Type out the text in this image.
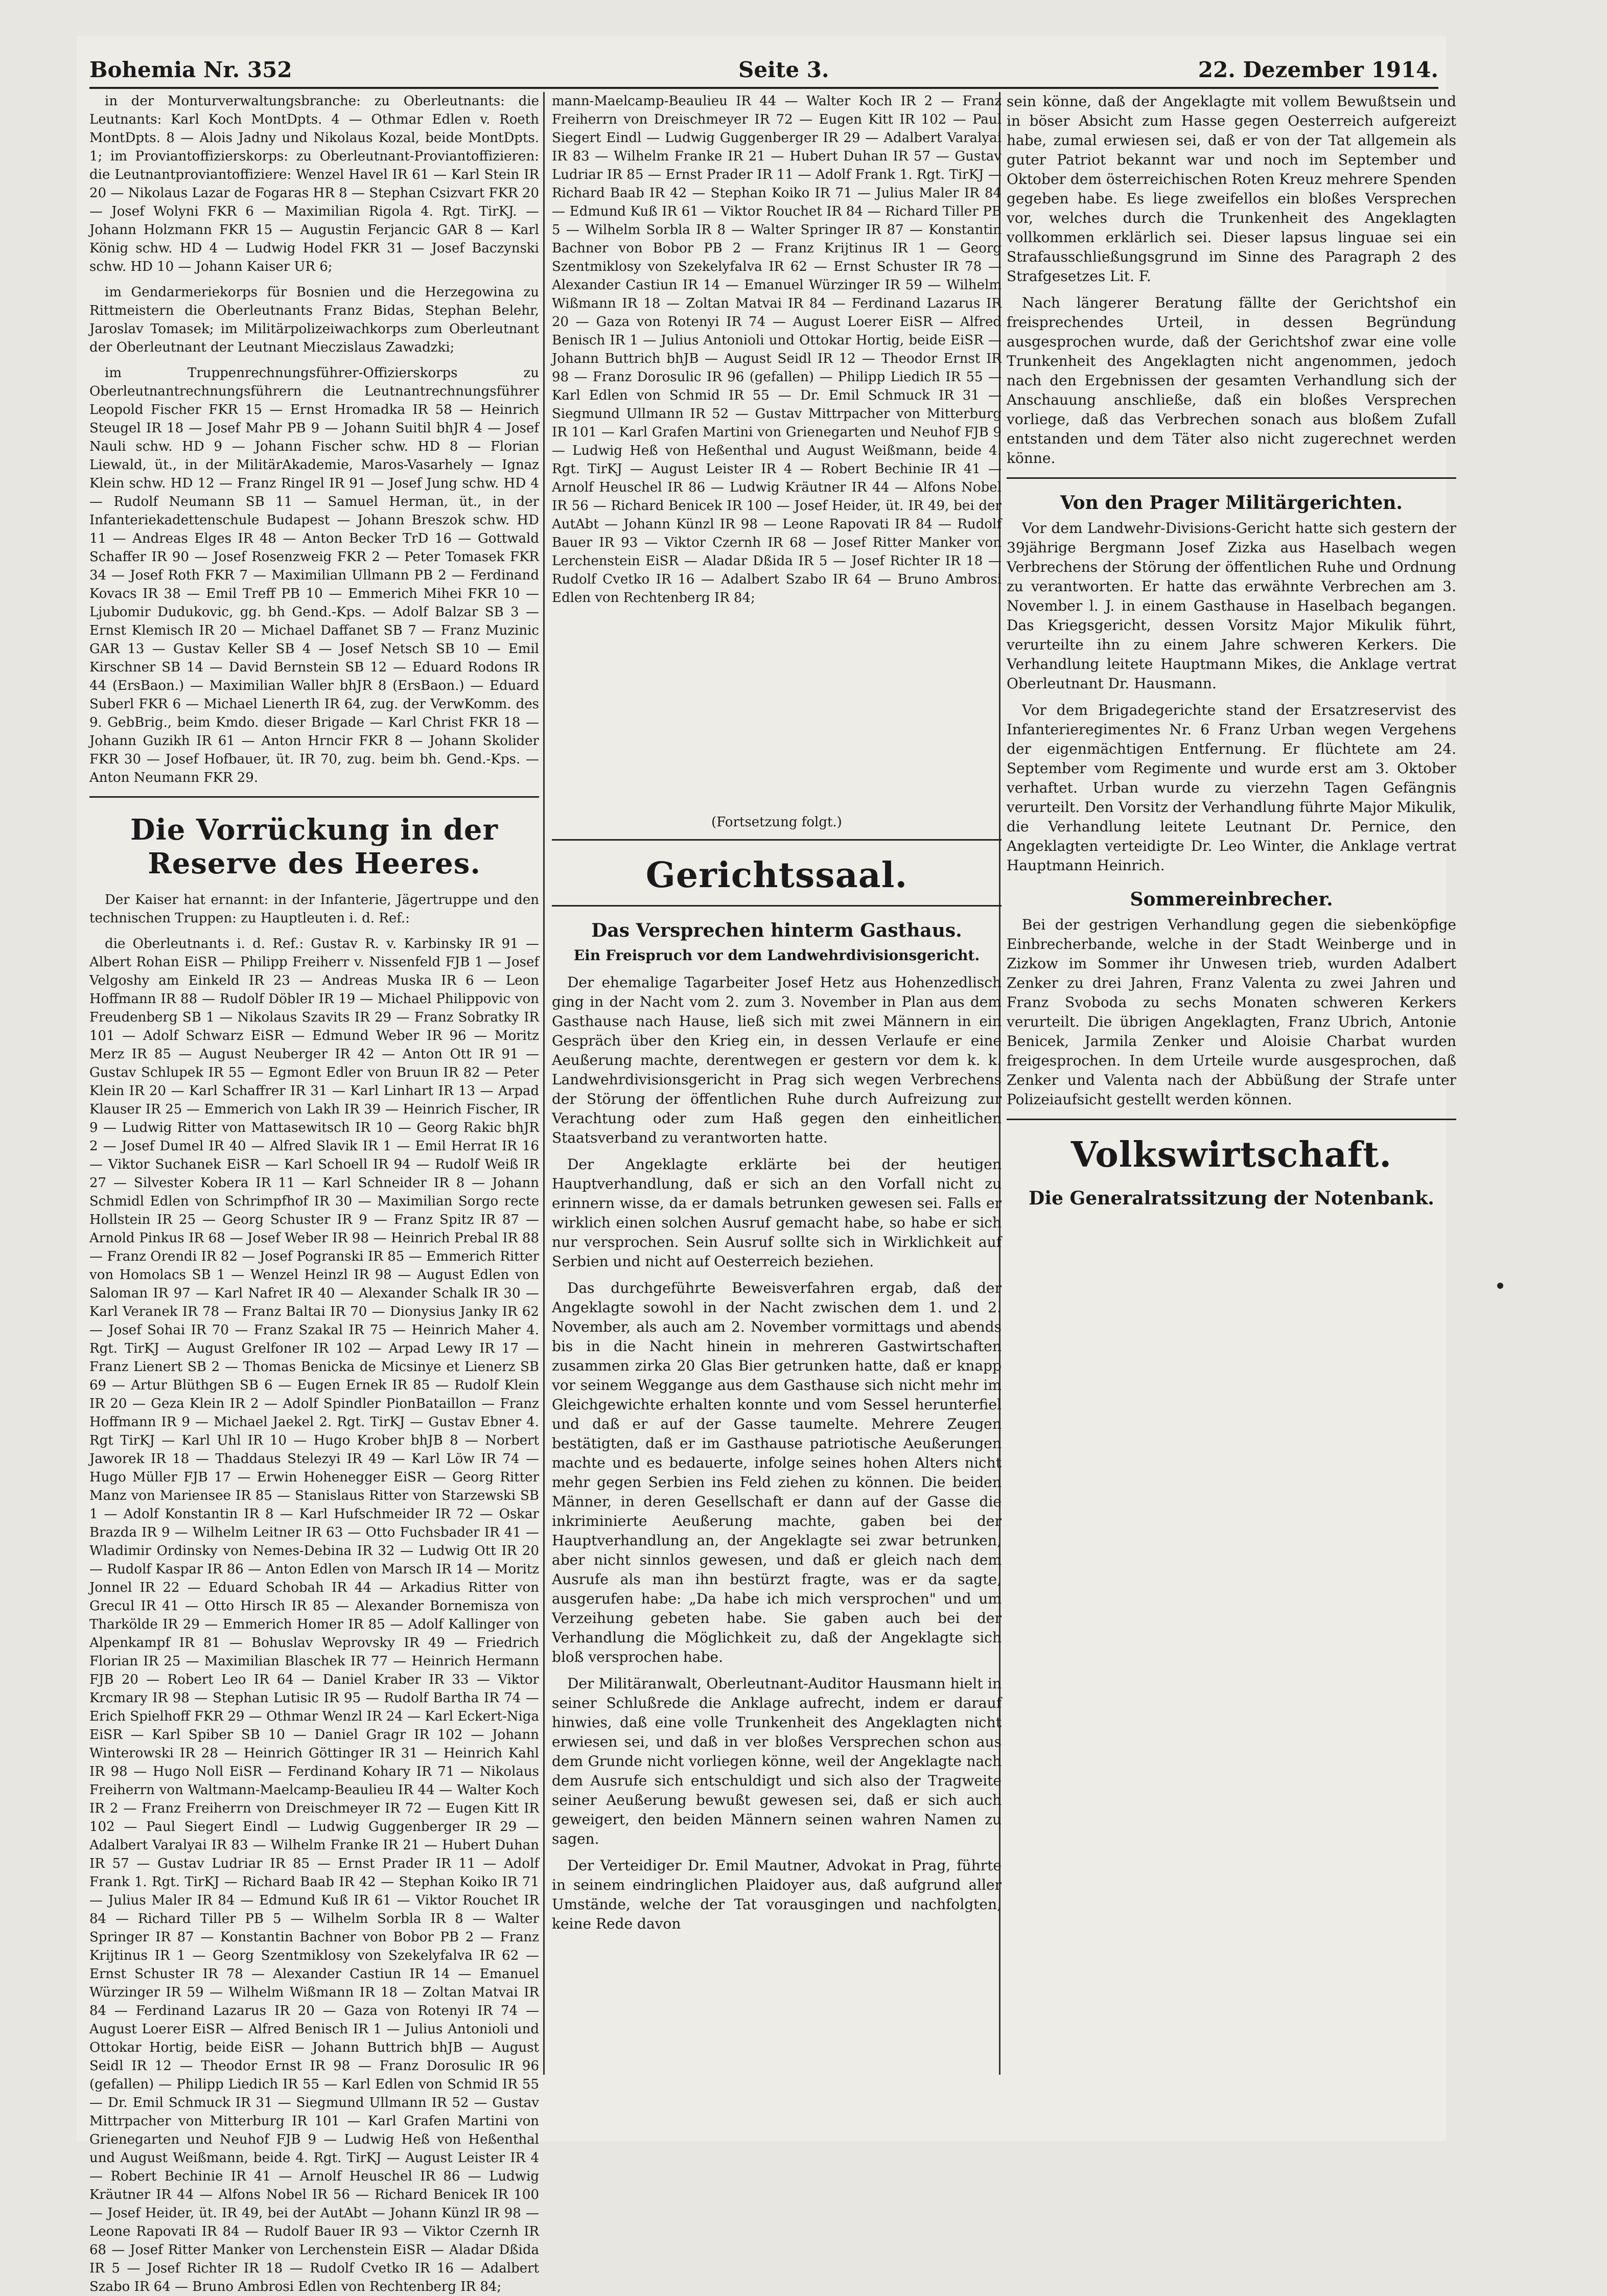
Bohemia Nr. 352	Seite 3.	22. Dezember 1914.

in der Monturverwaltungsbranche: zu Oberleutnants: die Leutnants: Karl Koch MontDpts. 4 — Othmar Edlen v. Roeth MontDpts. 8 — Alois Jadny und Nikolaus Kozal, beide MontDpts. 1; im Proviantoffizierskorps: zu Oberleutnant-Proviantoffizieren: die Leutnantproviantoffiziere: Wenzel Havel IR 61 — Karl Stein IR 20 — Nikolaus Lazar de Fogaras HR 8 — Stephan Csizvart FKR 20 — Josef Wolyni FKR 6 — Maximilian Rigola 4. Rgt. TirKJ. — Johann Holzmann FKR 15 — Augustin Ferjancic GAR 8 — Karl König schw. HD 4 — Ludwig Hodel FKR 31 — Josef Baczynski schw. HD 10 — Johann Kaiser UR 6;

im Gendarmeriekorps für Bosnien und die Herzegowina zu Rittmeistern die Oberleutnants Franz Bidas, Stephan Belehr, Jaroslav Tomasek; im Militärpolizeiwachkorps zum Oberleutnant der Oberleutnant der Leutnant Mieczislaus Zawadzki;

im Truppenrechnungsführer-Offizierskorps zu Oberleutnantrechnungsführern die Leutnantrechnungsführer Leopold Fischer FKR 15 — Ernst Hromadka IR 58 — Heinrich Steugel IR 18 — Josef Mahr PB 9 — Johann Suitil bhJR 4 — Josef Nauli schw. HD 9 — Johann Fischer schw. HD 8 — Florian Liewald, üt., in der MilitärAkademie, Maros-Vasarhely — Ignaz Klein schw. HD 12 — Franz Ringel IR 91 — Josef Jung schw. HD 4 — Rudolf Neumann SB 11 — Samuel Herman, üt., in der Infanteriekadettenschule Budapest — Johann Breszok schw. HD 11 — Andreas Elges IR 48 — Anton Becker TrD 16 — Gottwald Schaffer IR 90 — Josef Rosenzweig FKR 2 — Peter Tomasek FKR 34 — Josef Roth FKR 7 — Maximilian Ullmann PB 2 — Ferdinand Kovacs IR 38 — Emil Treff PB 10 — Emmerich Mihei FKR 10 — Ljubomir Dudukovic, gg. bh Gend.-Kps. — Adolf Balzar SB 3 — Ernst Klemisch IR 20 — Michael Daffanet SB 7 — Franz Muzinic GAR 13 — Gustav Keller SB 4 — Josef Netsch SB 10 — Emil Kirschner SB 14 — David Bernstein SB 12 — Eduard Rodons IR 44 (ErsBaon.) — Maximilian Waller bhJR 8 (ErsBaon.) — Eduard Suberl FKR 6 — Michael Lienerth IR 64, zug. der VerwKomm. des 9. GebBrig., beim Kmdo. dieser Brigade — Karl Christ FKR 18 — Johann Guzikh IR 61 — Anton Hrncir FKR 8 — Johann Skolider FKR 30 — Josef Hofbauer, üt. IR 70, zug. beim bh. Gend.-Kps. — Anton Neumann FKR 29.

Die Vorrückung in der Reserve des Heeres.

Der Kaiser hat ernannt: in der Infanterie, Jägertruppe und den technischen Truppen: zu Hauptleuten i. d. Ref.:

die Oberleutnants i. d. Ref.: Gustav R. v. Karbinsky IR 91 — Albert Rohan EiSR — Philipp Freiherr v. Nissenfeld FJB 1 — Josef Velgoshy am Einkeld IR 23 — Andreas Muska IR 6 — Leon Hoffmann IR 88 — Rudolf Döbler IR 19 — Michael Philippovic von Freudenberg SB 1 — Nikolaus Szavits IR 29 — Franz Sobratky IR 101 — Adolf Schwarz EiSR — Edmund Weber IR 96 — Moritz Merz IR 85 — August Neuberger IR 42 — Anton Ott IR 91 — Gustav Schlupek IR 55 — Egmont Edler von Bruun IR 82 — Peter Klein IR 20 — Karl Schaffrer IR 31 — Karl Linhart IR 13 — Arpad Klauser IR 25 — Emmerich von Lakh IR 39 — Heinrich Fischer, IR 9 — Ludwig Ritter von Mattasewitsch IR 10 — Georg Rakic bhJR 2 — Josef Dumel IR 40 — Alfred Slavik IR 1 — Emil Herrat IR 16 — Viktor Suchanek EiSR — Karl Schoell IR 94 — Rudolf Weiß IR 27 — Silvester Kobera IR 11 — Karl Schneider IR 8 — Johann Schmidl Edlen von Schrimpfhof IR 30 — Maximilian Sorgo recte Hollstein IR 25 — Georg Schuster IR 9 — Franz Spitz IR 87 — Arnold Pinkus IR 68 — Josef Weber IR 98 — Heinrich Prebal IR 88 — Franz Orendi IR 82 — Josef Pogranski IR 85 — Emmerich Ritter von Homolacs SB 1 — Wenzel Heinzl IR 98 — August Edlen von Saloman IR 97 — Karl Nafret IR 40 — Alexander Schalk IR 30 — Karl Veranek IR 78 — Franz Baltai IR 70 — Dionysius Janky IR 62 — Josef Sohai IR 70 — Franz Szakal IR 75 — Heinrich Maher 4. Rgt. TirKJ — August Grelfoner IR 102 — Arpad Lewy IR 17 — Franz Lienert SB 2 — Thomas Benicka de Micsinye et Lienerz SB 69 — Artur Blüthgen SB 6 — Eugen Ernek IR 85 — Rudolf Klein IR 20 — Geza Klein IR 2 — Adolf Spindler PionBataillon — Franz Hoffmann IR 9 — Michael Jaekel 2. Rgt. TirKJ — Gustav Ebner 4. Rgt TirKJ — Karl Uhl IR 10 — Hugo Krober bhJB 8 — Norbert Jaworek IR 18 — Thaddaus Stelezyi IR 49 — Karl Löw IR 74 — Hugo Müller FJB 17 — Erwin Hohenegger EiSR — Georg Ritter Manz von Mariensee IR 85 — Stanislaus Ritter von Starzewski SB 1 — Adolf Konstantin IR 8 — Karl Hufschmeider IR 72 — Oskar Brazda IR 9 — Wilhelm Leitner IR 63 — Otto Fuchsbader IR 41 — Wladimir Ordinsky von Nemes-Debina IR 32 — Ludwig Ott IR 20 — Rudolf Kaspar IR 86 — Anton Edlen von Marsch IR 14 — Moritz Jonnel IR 22 — Eduard Schobah IR 44 — Arkadius Ritter von Grecul IR 41 — Otto Hirsch IR 85 — Alexander Bornemisza von Tharkölde IR 29 — Emmerich Homer IR 85 — Adolf Kallinger von Alpenkampf IR 81 — Bohuslav Weprovsky IR 49 — Friedrich Florian IR 25 — Maximilian Blaschek IR 77 — Heinrich Hermann FJB 20 — Robert Leo IR 64 — Daniel Kraber IR 33 — Viktor Krcmary IR 98 — Stephan Lutisic IR 95 — Rudolf Bartha IR 74 — Erich Spielhoff FKR 29 — Othmar Wenzl IR 24 — Karl Eckert-Niga EiSR — Karl Spiber SB 10 — Daniel Gragr IR 102 — Johann Winterowski IR 28 — Heinrich Göttinger IR 31 — Heinrich Kahl IR 98 — Hugo Noll EiSR — Ferdinand Kohary IR 71 — Nikolaus Freiherrn von Waltmann-Maelcamp-Beaulieu IR 44 — Walter Koch IR 2 — Franz Freiherrn von Dreischmeyer IR 72 — Eugen Kitt IR 102 — Paul Siegert Eindl — Ludwig Guggenberger IR 29 — Adalbert Varalyai IR 83 — Wilhelm Franke IR 21 — Hubert Duhan IR 57 — Gustav Ludriar IR 85 — Ernst Prader IR 11 — Adolf Frank 1. Rgt. TirKJ — Richard Baab IR 42 — Stephan Koiko IR 71 — Julius Maler IR 84 — Edmund Kuß IR 61 — Viktor Rouchet IR 84 — Richard Tiller PB 5 — Wilhelm Sorbla IR 8 — Walter Springer IR 87 — Konstantin Bachner von Bobor PB 2 — Franz Krijtinus IR 1 — Georg Szentmiklosy von Szekelyfalva IR 62 — Ernst Schuster IR 78 — Alexander Castiun IR 14 — Emanuel Würzinger IR 59 — Wilhelm Wißmann IR 18 — Zoltan Matvai IR 84 — Ferdinand Lazarus IR 20 — Gaza von Rotenyi IR 74 — August Loerer EiSR — Alfred Benisch IR 1 — Julius Antonioli und Ottokar Hortig, beide EiSR — Johann Buttrich bhJB — August Seidl IR 12 — Theodor Ernst IR 98 — Franz Dorosulic IR 96 (gefallen) — Philipp Liedich IR 55 — Karl Edlen von Schmid IR 55 — Dr. Emil Schmuck IR 31 — Siegmund Ullmann IR 52 — Gustav Mittrpacher von Mitterburg IR 101 — Karl Grafen Martini von Grienegarten und Neuhof FJB 9 — Ludwig Heß von Heßenthal und August Weißmann, beide 4. Rgt. TirKJ — August Leister IR 4 — Robert Bechinie IR 41 — Arnolf Heuschel IR 86 — Ludwig Kräutner IR 44 — Alfons Nobel IR 56 — Richard Benicek IR 100 — Josef Heider, üt. IR 49, bei der AutAbt — Johann Künzl IR 98 — Leone Rapovati IR 84 — Rudolf Bauer IR 93 — Viktor Czernh IR 68 — Josef Ritter Manker von Lerchenstein EiSR — Aladar Dßida IR 5 — Josef Richter IR 18 — Rudolf Cvetko IR 16 — Adalbert Szabo IR 64 — Bruno Ambrosi Edlen von Rechtenberg IR 84;

mann-Maelcamp-Beaulieu IR 44 — Walter Koch IR 2 — Franz Freiherrn von Dreischmeyer IR 72 — Eugen Kitt IR 102 — Paul Siegert Eindl — Ludwig Guggenberger IR 29 — Adalbert Varalyai IR 83 — Wilhelm Franke IR 21 — Hubert Duhan IR 57 — Gustav Ludriar IR 85 — Ernst Prader IR 11 — Adolf Frank 1. Rgt. TirKJ — Richard Baab IR 42 — Stephan Koiko IR 71 — Julius Maler IR 84 — Edmund Kuß IR 61 — Viktor Rouchet IR 84 — Richard Tiller PB 5 — Wilhelm Sorbla IR 8 — Walter Springer IR 87 — Konstantin Bachner von Bobor PB 2 — Franz Krijtinus IR 1 — Georg Szentmiklosy von Szekelyfalva IR 62 — Ernst Schuster IR 78 — Alexander Castiun IR 14 — Emanuel Würzinger IR 59 — Wilhelm Wißmann IR 18 — Zoltan Matvai IR 84 — Ferdinand Lazarus IR 20 — Gaza von Rotenyi IR 74 — August Loerer EiSR — Alfred Benisch IR 1 — Julius Antonioli und Ottokar Hortig, beide EiSR — Johann Buttrich bhJB — August Seidl IR 12 — Theodor Ernst IR 98 — Franz Dorosulic IR 96 (gefallen) — Philipp Liedich IR 55 — Karl Edlen von Schmid IR 55 — Dr. Emil Schmuck IR 31 — Siegmund Ullmann IR 52 — Gustav Mittrpacher von Mitterburg IR 101 — Karl Grafen Martini von Grienegarten und Neuhof FJB 9 — Ludwig Heß von Heßenthal und August Weißmann, beide 4. Rgt. TirKJ — August Leister IR 4 — Robert Bechinie IR 41 — Arnolf Heuschel IR 86 — Ludwig Kräutner IR 44 — Alfons Nobel IR 56 — Richard Benicek IR 100 — Josef Heider, üt. IR 49, bei der AutAbt — Johann Künzl IR 98 — Leone Rapovati IR 84 — Rudolf Bauer IR 93 — Viktor Czernh IR 68 — Josef Ritter Manker von Lerchenstein EiSR — Aladar Dßida IR 5 — Josef Richter IR 18 — Rudolf Cvetko IR 16 — Adalbert Szabo IR 64 — Bruno Ambrosi Edlen von Rechtenberg IR 84;

(Fortsetzung folgt.)
Gerichtssaal.
Das Versprechen hinterm Gasthaus.
Ein Freispruch vor dem Landwehrdivisionsgericht.

Der ehemalige Tagarbeiter Josef Hetz aus Hohenzedlisch ging in der Nacht vom 2. zum 3. November in Plan aus dem Gasthause nach Hause, ließ sich mit zwei Männern in ein Gespräch über den Krieg ein, in dessen Verlaufe er eine Aeußerung machte, derentwegen er gestern vor dem k. k. Landwehrdivisionsgericht in Prag sich wegen Verbrechens der Störung der öffentlichen Ruhe durch Aufreizung zur Verachtung oder zum Haß gegen den einheitlichen Staatsverband zu verantworten hatte.

Der Angeklagte erklärte bei der heutigen Hauptverhandlung, daß er sich an den Vorfall nicht zu erinnern wisse, da er damals betrunken gewesen sei. Falls er wirklich einen solchen Ausruf gemacht habe, so habe er sich nur versprochen. Sein Ausruf sollte sich in Wirklichkeit auf Serbien und nicht auf Oesterreich beziehen.

Das durchgeführte Beweisverfahren ergab, daß der Angeklagte sowohl in der Nacht zwischen dem 1. und 2. November, als auch am 2. November vormittags und abends bis in die Nacht hinein in mehreren Gastwirtschaften zusammen zirka 20 Glas Bier getrunken hatte, daß er knapp vor seinem Weggange aus dem Gasthause sich nicht mehr im Gleichgewichte erhalten konnte und vom Sessel herunterfiel und daß er auf der Gasse taumelte. Mehrere Zeugen bestätigten, daß er im Gasthause patriotische Aeußerungen machte und es bedauerte, infolge seines hohen Alters nicht mehr gegen Serbien ins Feld ziehen zu können. Die beiden Männer, in deren Gesellschaft er dann auf der Gasse die inkriminierte Aeußerung machte, gaben bei der Hauptverhandlung an, der Angeklagte sei zwar betrunken, aber nicht sinnlos gewesen, und daß er gleich nach dem Ausrufe als man ihn bestürzt fragte, was er da sagte, ausgerufen habe: „Da habe ich mich versprochen" und um Verzeihung gebeten habe. Sie gaben auch bei der Verhandlung die Möglichkeit zu, daß der Angeklagte sich bloß versprochen habe.

Der Militäranwalt, Oberleutnant-Auditor Hausmann hielt in seiner Schlußrede die Anklage aufrecht, indem er darauf hinwies, daß eine volle Trunkenheit des Angeklagten nicht erwiesen sei, und daß in ver bloßes Versprechen schon aus dem Grunde nicht vorliegen könne, weil der Angeklagte nach dem Ausrufe sich entschuldigt und sich also der Tragweite seiner Aeußerung bewußt gewesen sei, daß er sich auch geweigert, den beiden Männern seinen wahren Namen zu sagen.

Der Verteidiger Dr. Emil Mautner, Advokat in Prag, führte in seinem eindringlichen Plaidoyer aus, daß aufgrund aller Umstände, welche der Tat vorausgingen und nachfolgten, keine Rede davon

sein könne, daß der Angeklagte mit vollem Bewußtsein und in böser Absicht zum Hasse gegen Oesterreich aufgereizt habe, zumal erwiesen sei, daß er von der Tat allgemein als guter Patriot bekannt war und noch im September und Oktober dem österreichischen Roten Kreuz mehrere Spenden gegeben habe. Es liege zweifellos ein bloßes Versprechen vor, welches durch die Trunkenheit des Angeklagten vollkommen erklärlich sei. Dieser lapsus linguae sei ein Strafausschließungsgrund im Sinne des Paragraph 2 des Strafgesetzes Lit. F.

Nach längerer Beratung fällte der Gerichtshof ein freisprechendes Urteil, in dessen Begründung ausgesprochen wurde, daß der Gerichtshof zwar eine volle Trunkenheit des Angeklagten nicht angenommen, jedoch nach den Ergebnissen der gesamten Verhandlung sich der Anschauung anschließe, daß ein bloßes Versprechen vorliege, daß das Verbrechen sonach aus bloßem Zufall entstanden und dem Täter also nicht zugerechnet werden könne.

Von den Prager Militärgerichten.

Vor dem Landwehr-Divisions-Gericht hatte sich gestern der 39jährige Bergmann Josef Zizka aus Haselbach wegen Verbrechens der Störung der öffentlichen Ruhe und Ordnung zu verantworten. Er hatte das erwähnte Verbrechen am 3. November l. J. in einem Gasthause in Haselbach begangen. Das Kriegsgericht, dessen Vorsitz Major Mikulik führt, verurteilte ihn zu einem Jahre schweren Kerkers. Die Verhandlung leitete Hauptmann Mikes, die Anklage vertrat Oberleutnant Dr. Hausmann.

Vor dem Brigadegerichte stand der Ersatzreservist des Infanterieregimentes Nr. 6 Franz Urban wegen Vergehens der eigenmächtigen Entfernung. Er flüchtete am 24. September vom Regimente und wurde erst am 3. Oktober verhaftet. Urban wurde zu vierzehn Tagen Gefängnis verurteilt. Den Vorsitz der Verhandlung führte Major Mikulik, die Verhandlung leitete Leutnant Dr. Pernice, den Angeklagten verteidigte Dr. Leo Winter, die Anklage vertrat Hauptmann Heinrich.

Sommereinbrecher.

Bei der gestrigen Verhandlung gegen die siebenköpfige Einbrecherbande, welche in der Stadt Weinberge und in Zizkow im Sommer ihr Unwesen trieb, wurden Adalbert Zenker zu drei Jahren, Franz Valenta zu zwei Jahren und Franz Svoboda zu sechs Monaten schweren Kerkers verurteilt. Die übrigen Angeklagten, Franz Ubrich, Antonie Benicek, Jarmila Zenker und Aloisie Charbat wurden freigesprochen. In dem Urteile wurde ausgesprochen, daß Zenker und Valenta nach der Abbüßung der Strafe unter Polizeiaufsicht gestellt werden können.

Volkswirtschaft.
Die Generalratssitzung der Notenbank.
